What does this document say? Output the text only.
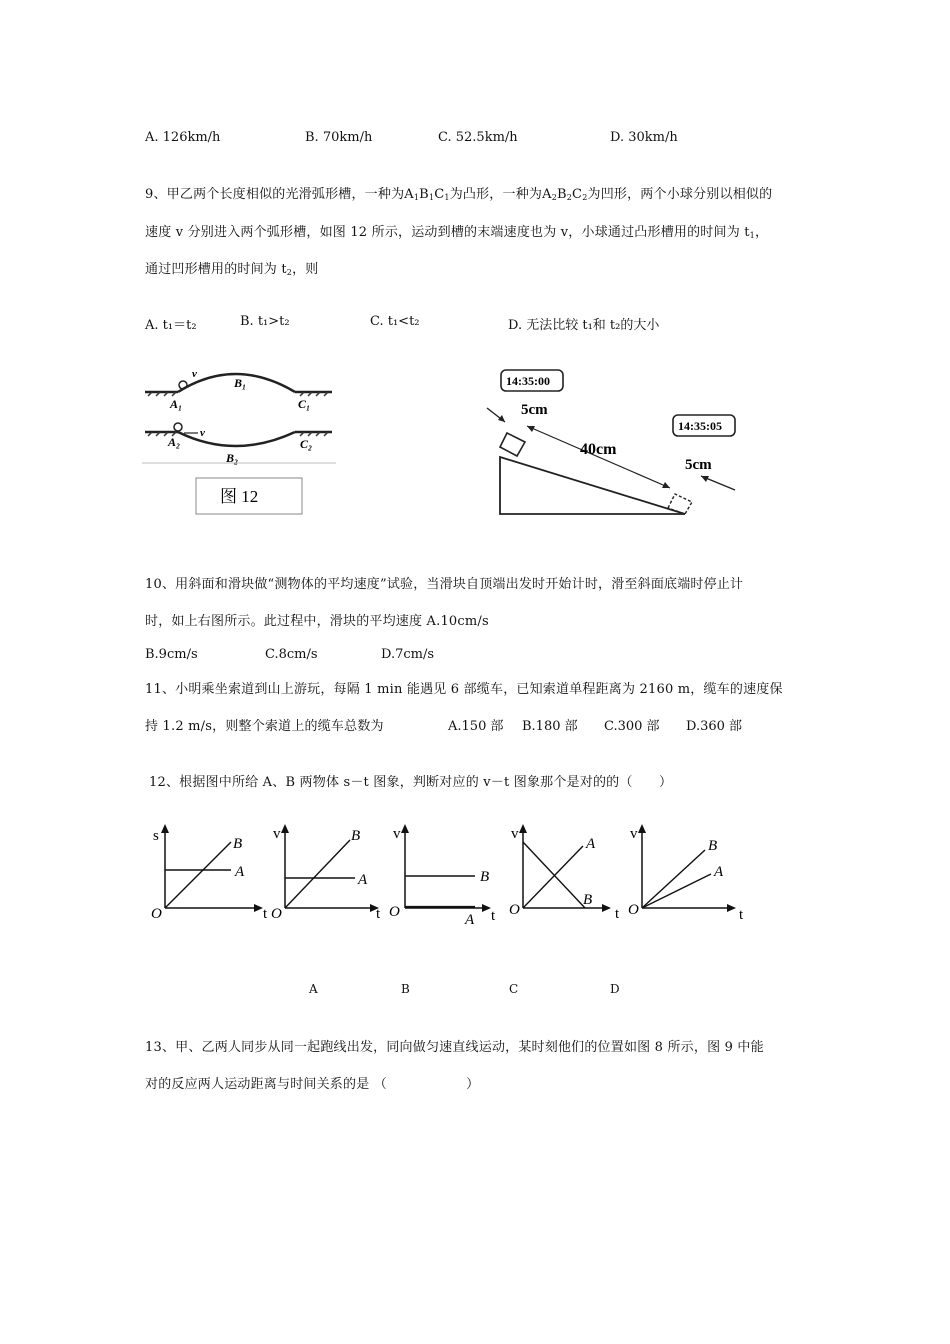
A. 126km/h	B. 70km/h	C. 52.5km/h	D. 30km/h
9、甲乙两个长度相似的光滑弧形槽，一种为$A_1B_1C_1$为凸形，一种为$A_2B_2C_2$为凹形，两个小球分别以相似的
速度 v 分别进入两个弧形槽，如图 12 所示，运动到槽的末端速度也为 v，小球通过凸形槽用的时间为 $t_1$，
通过凹形槽用的时间为 $t_2$，则
A. t₁＝t₂	B. t₁>t₂	C. t₁<t₂	D. 无法比较 t₁和 t₂的大小
v
A₁
B₁
C₁
v
A₂
B₂
C₂
图 12
14:35:00
14:35:05
5cm
40cm
5cm
10、用斜面和滑块做“测物体的平均速度”试验，当滑块自顶端出发时开始计时，滑至斜面底端时停止计
时，如上右图所示。此过程中，滑块的平均速度 A.10cm/s
B.9cm/s	C.8cm/s	D.7cm/s
11、小明乘坐索道到山上游玩，每隔 1 min 能遇见 6 部缆车，已知索道单程距离为 2160 m，缆车的速度保
持 1.2 m/s，则整个索道上的缆车总数为	A.150 部 B.180 部 C.300 部 D.360 部
12、根据图中所给 A、B 两物体 s－t 图象，判断对应的 v－t 图象那个是对的的（　　）
s
O	t
B
A
v
O	t
B
A
v
O	t
B
A
v
O	t
A
B
v
O	t
B
A
A	B	C	D
13、甲、乙两人同步从同一起跑线出发，同向做匀速直线运动，某时刻他们的位置如图 8 所示，图 9 中能
对的反应两人运动距离与时间关系的是 （　　　　　　）
